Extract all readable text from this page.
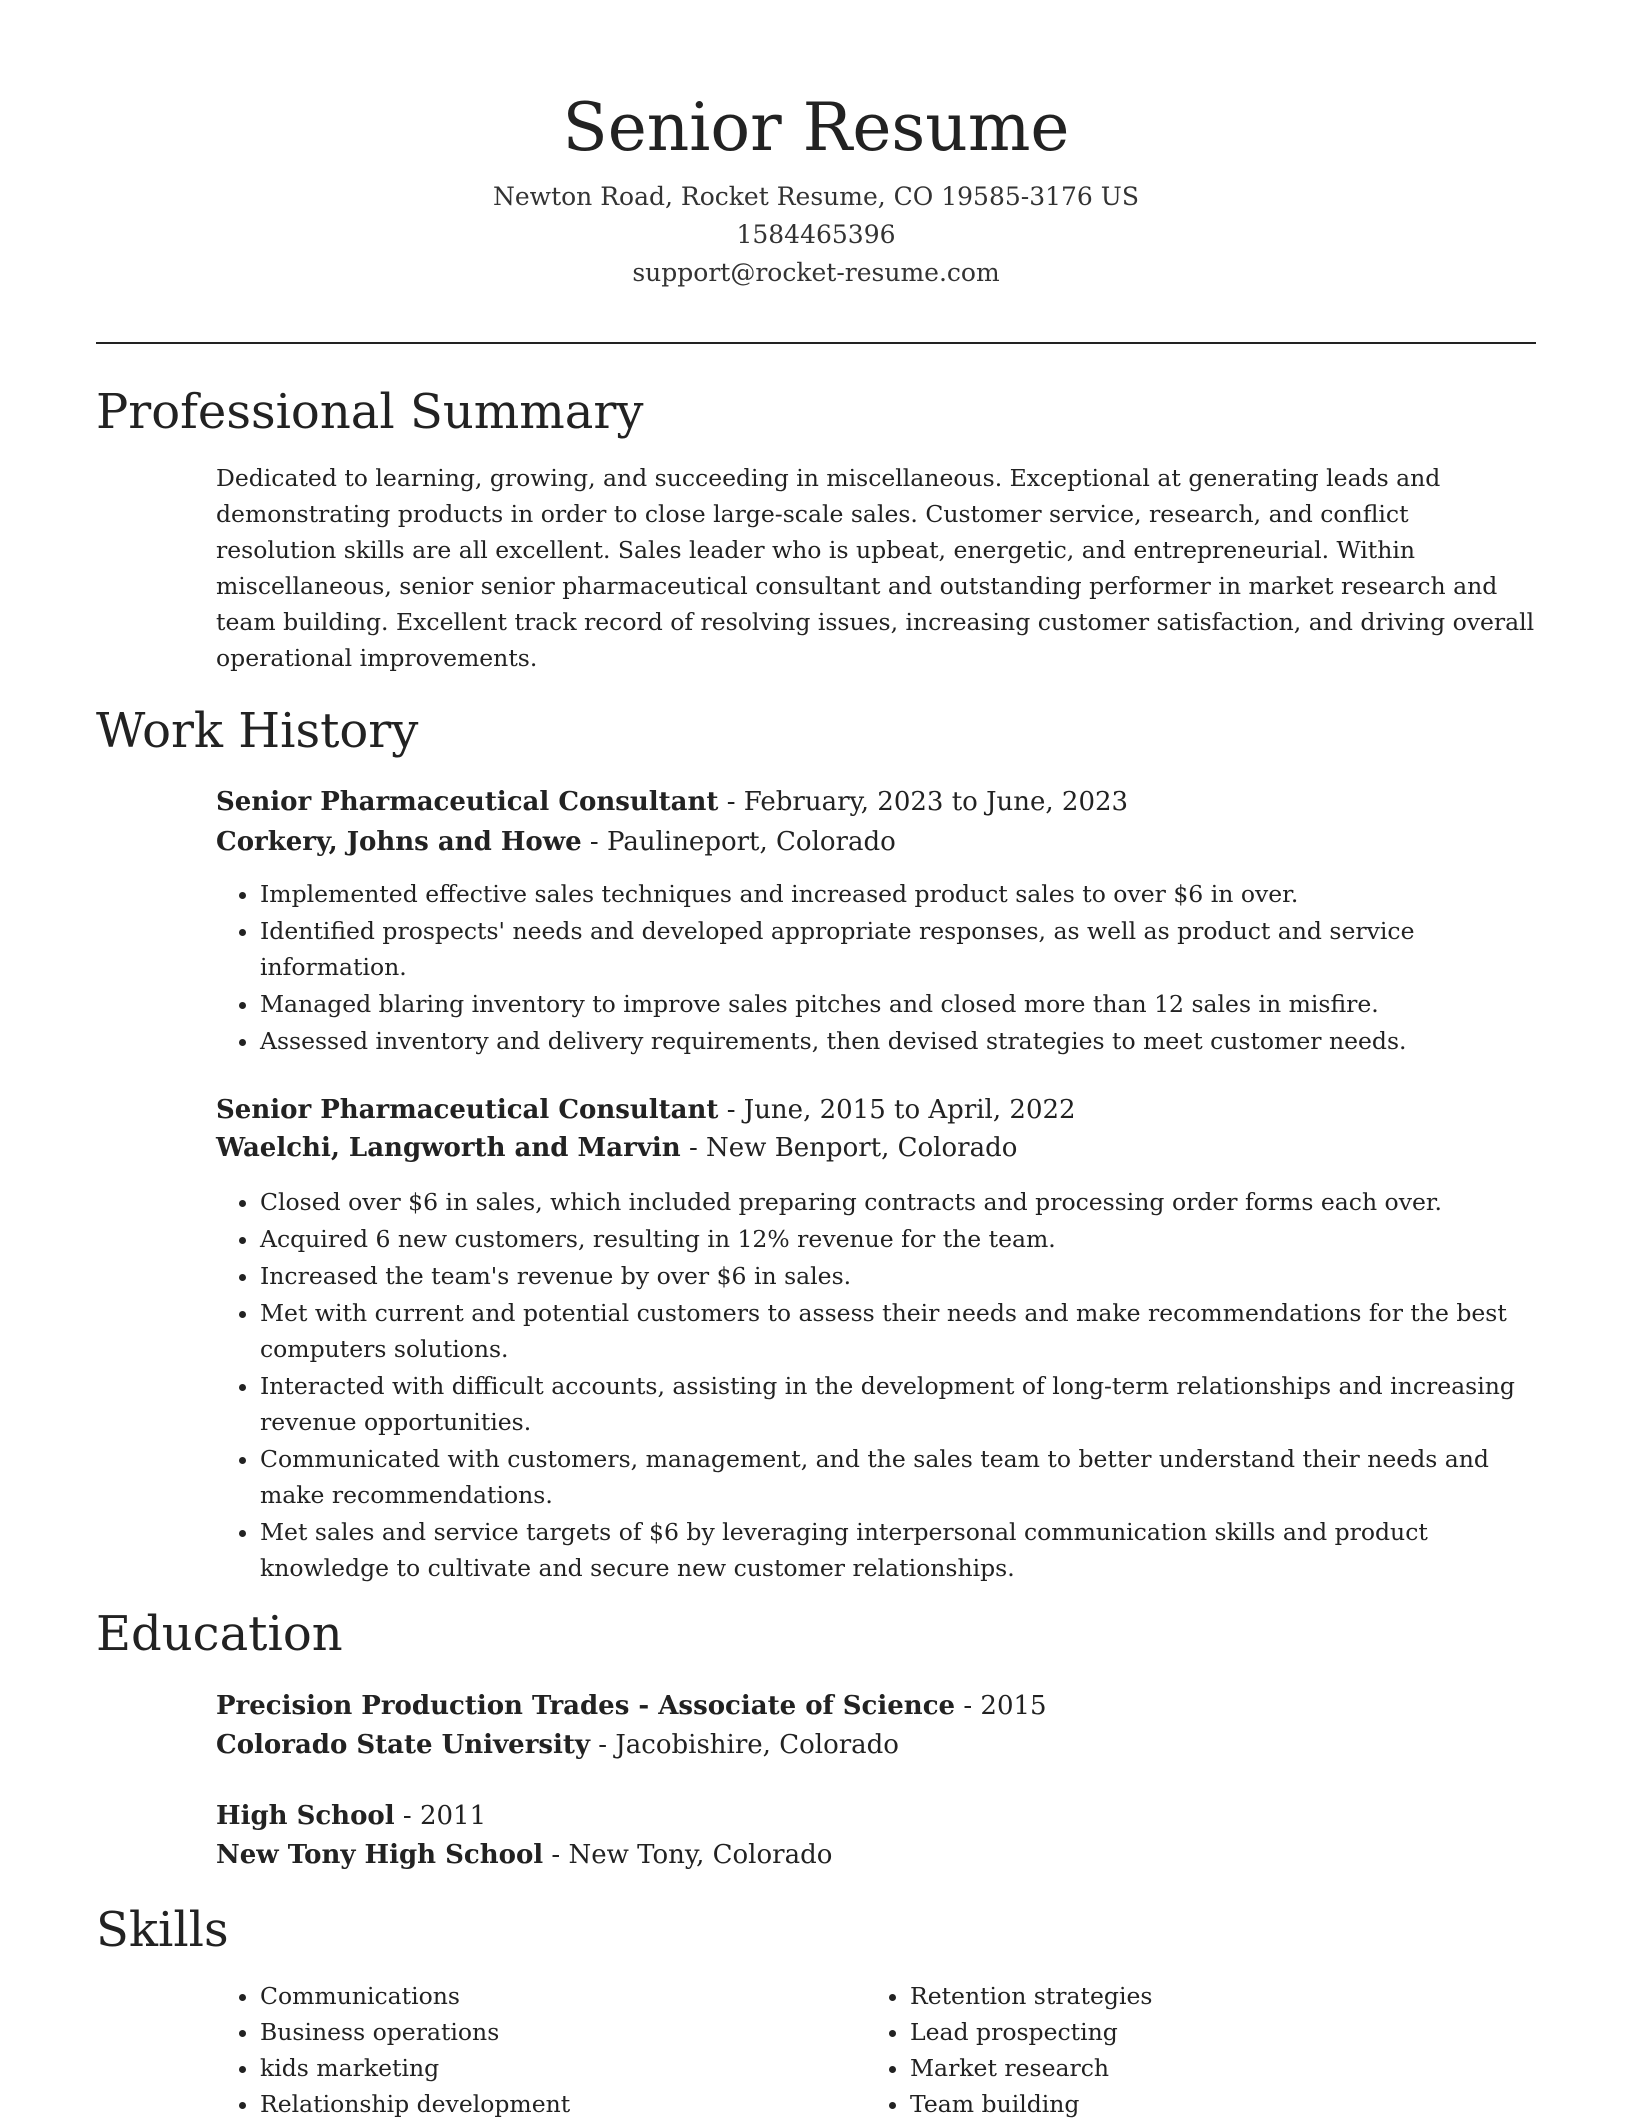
Senior Resume
Newton Road, Rocket Resume, CO 19585-3176 US
1584465396
support@rocket-resume.com
Professional Summary
Dedicated to learning, growing, and succeeding in miscellaneous. Exceptional at generating leads and demonstrating products in order to close large-scale sales. Customer service, research, and conflict resolution skills are all excellent. Sales leader who is upbeat, energetic, and entrepreneurial. Within miscellaneous, senior senior pharmaceutical consultant and outstanding performer in market research and team building. Excellent track record of resolving issues, increasing customer satisfaction, and driving overall operational improvements.
Work History
Senior Pharmaceutical Consultant - February, 2023 to June, 2023
Corkery, Johns and Howe - Paulineport, Colorado
• Implemented effective sales techniques and increased product sales to over $6 in over.
• Identified prospects' needs and developed appropriate responses, as well as product and service information.
• Managed blaring inventory to improve sales pitches and closed more than 12 sales in misfire.
• Assessed inventory and delivery requirements, then devised strategies to meet customer needs.
Senior Pharmaceutical Consultant - June, 2015 to April, 2022
Waelchi, Langworth and Marvin - New Benport, Colorado
• Closed over $6 in sales, which included preparing contracts and processing order forms each over.
• Acquired 6 new customers, resulting in 12% revenue for the team.
• Increased the team's revenue by over $6 in sales.
• Met with current and potential customers to assess their needs and make recommendations for the best computers solutions.
• Interacted with difficult accounts, assisting in the development of long-term relationships and increasing revenue opportunities.
• Communicated with customers, management, and the sales team to better understand their needs and make recommendations.
• Met sales and service targets of $6 by leveraging interpersonal communication skills and product knowledge to cultivate and secure new customer relationships.
Education
Precision Production Trades - Associate of Science - 2015
Colorado State University - Jacobishire, Colorado
High School - 2011
New Tony High School - New Tony, Colorado
Skills
• Communications
• Business operations
• kids marketing
• Relationship development
• Retention strategies
• Lead prospecting
• Market research
• Team building
